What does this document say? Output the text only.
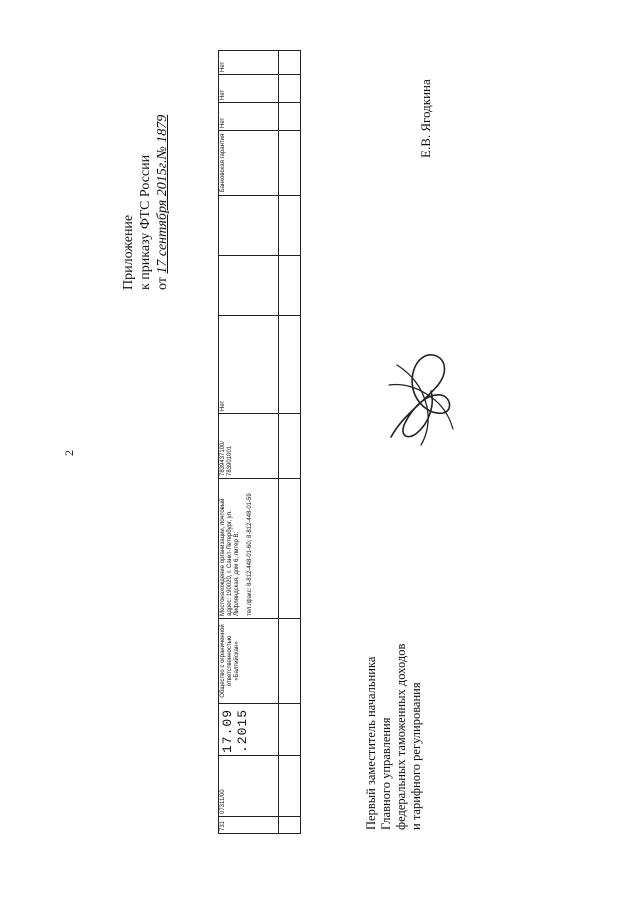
2
Приложение к приказу ФТС России от 17 сентября 2015г.№ 1879
731	07311/00	17.09.2015	Общество с ограниченной ответственностью «Балтийскан»	Местонахождение организации, почтовый адрес: 190020, г. Санкт-Петербург, ул. Лифляндская, дом 6, литер В; тел./факс: 8-812-448-01-60, 8-812-448-01-59	7839437100/ 783901001	Нет			Банковская гарантия	Нет	Нет	Нет

Первый заместитель начальника Главного управления федеральных таможенных доходов и тарифного регулирования
Е.В. Ягодкина
